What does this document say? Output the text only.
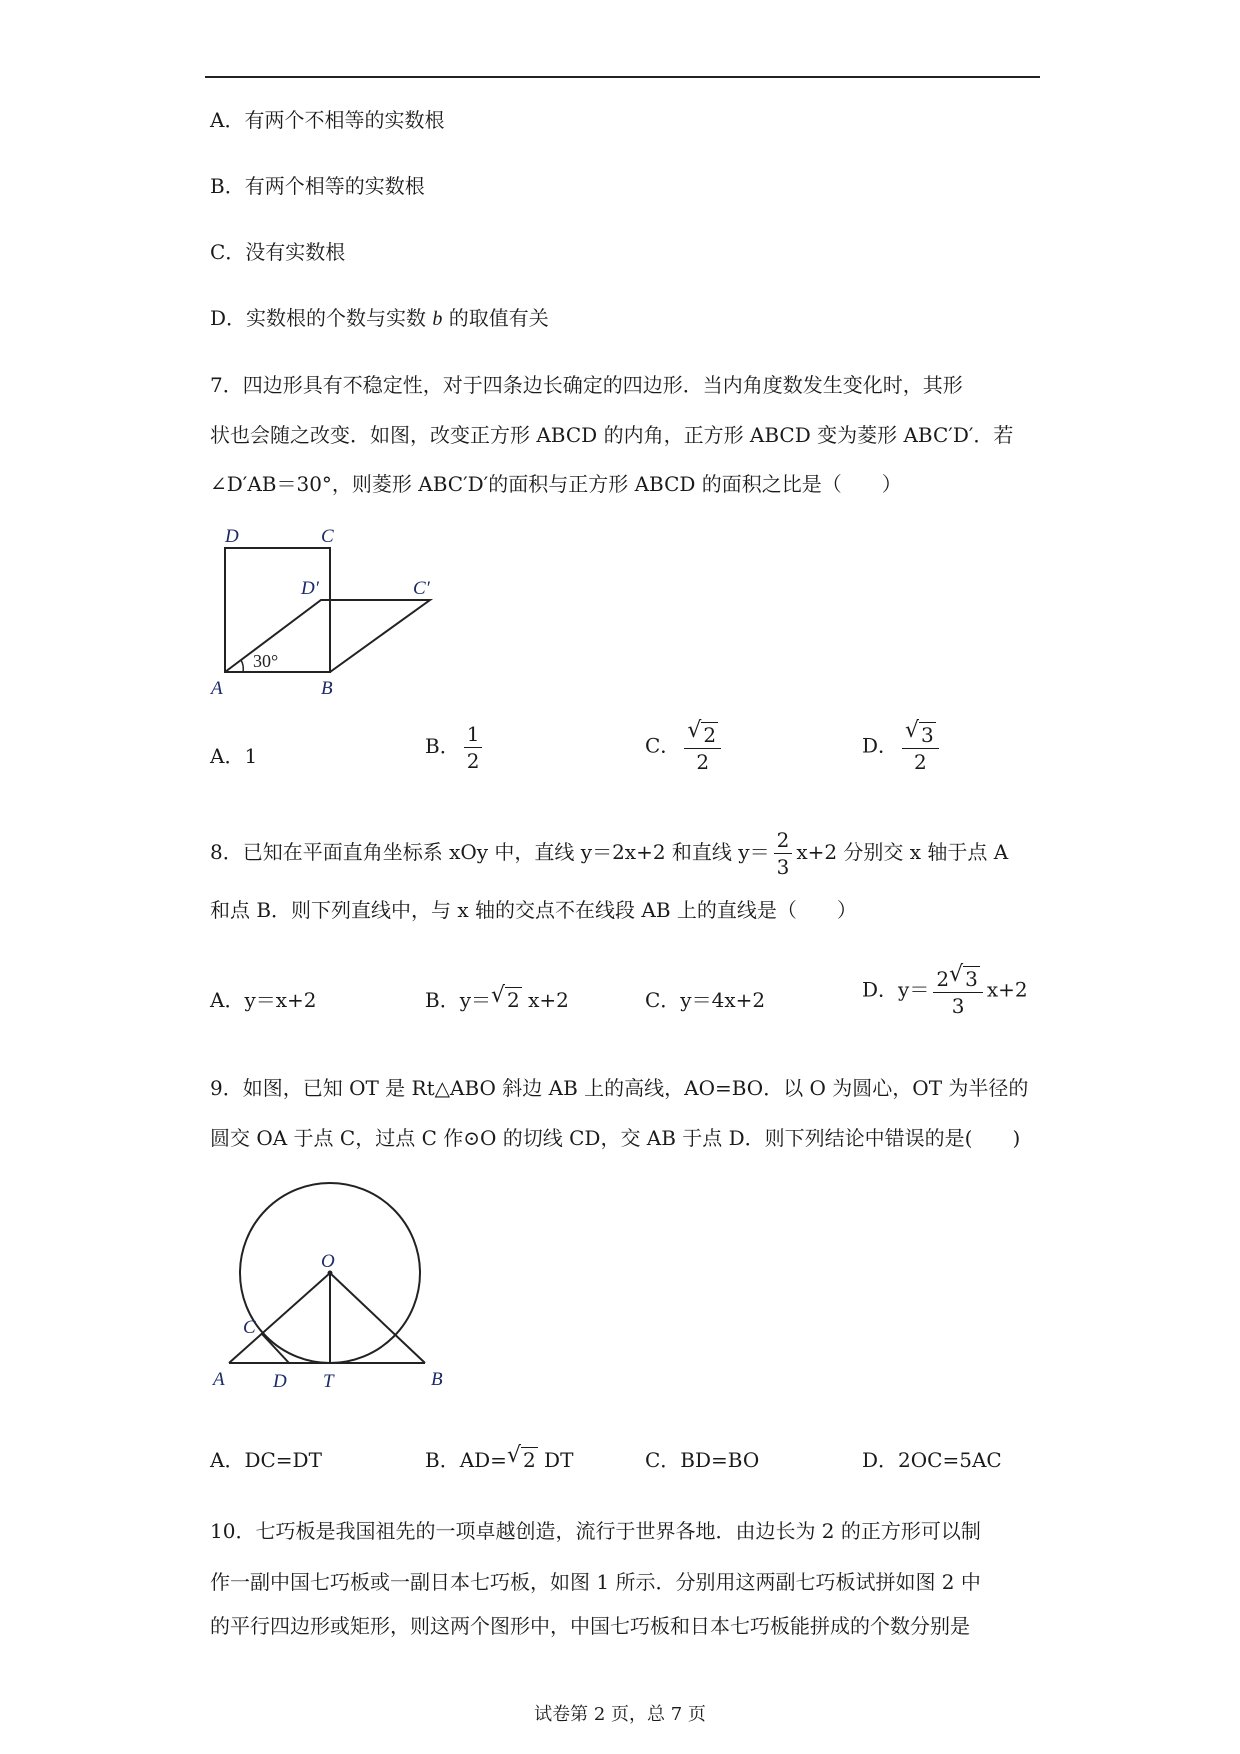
A．有两个不相等的实数根
B．有两个相等的实数根
C．没有实数根
D．实数根的个数与实数 b 的取值有关
7．四边形具有不稳定性，对于四条边长确定的四边形．当内角度数发生变化时，其形
状也会随之改变．如图，改变正方形 ABCD 的内角，正方形 ABCD 变为菱形 ABC′D′．若
∠D′AB＝30°，则菱形 ABC′D′的面积与正方形 ABCD 的面积之比是（　　）
D	C
D′	C′
A	B
30°
A．1	B． $\frac{1}{2}$	C． √ $\frac{2}{2}$	D． √ $\frac{3}{2}$
8．已知在平面直角坐标系 xOy 中，直线 y＝2x+2 和直线 $y= \frac{2}{3} x+2$ 分别交 x 轴于点 A
和点 B．则下列直线中，与 x 轴的交点不在线段 AB 上的直线是（　　）
A．y＝x+2	B．y＝ √ 2 x+2	C．y＝4x+2	D．$y= \frac{2 √ 3}{3} x+2$
9．如图，已知 OT 是 Rt△ABO 斜边 AB 上的高线，AO=BO．以 O 为圆心，OT 为半径的
圆交 OA 于点 C，过点 C 作⊙O 的切线 CD，交 AB 于点 D．则下列结论中错误的是(　　)
O
C
A	D T	B
A．DC=DT	B．AD= √ 2 DT	C．BD=BO	D．2OC=5AC
10．七巧板是我国祖先的一项卓越创造，流行于世界各地．由边长为 2 的正方形可以制
作一副中国七巧板或一副日本七巧板，如图 1 所示．分别用这两副七巧板试拼如图 2 中
的平行四边形或矩形，则这两个图形中，中国七巧板和日本七巧板能拼成的个数分别是
试卷第 2 页，总 7 页
